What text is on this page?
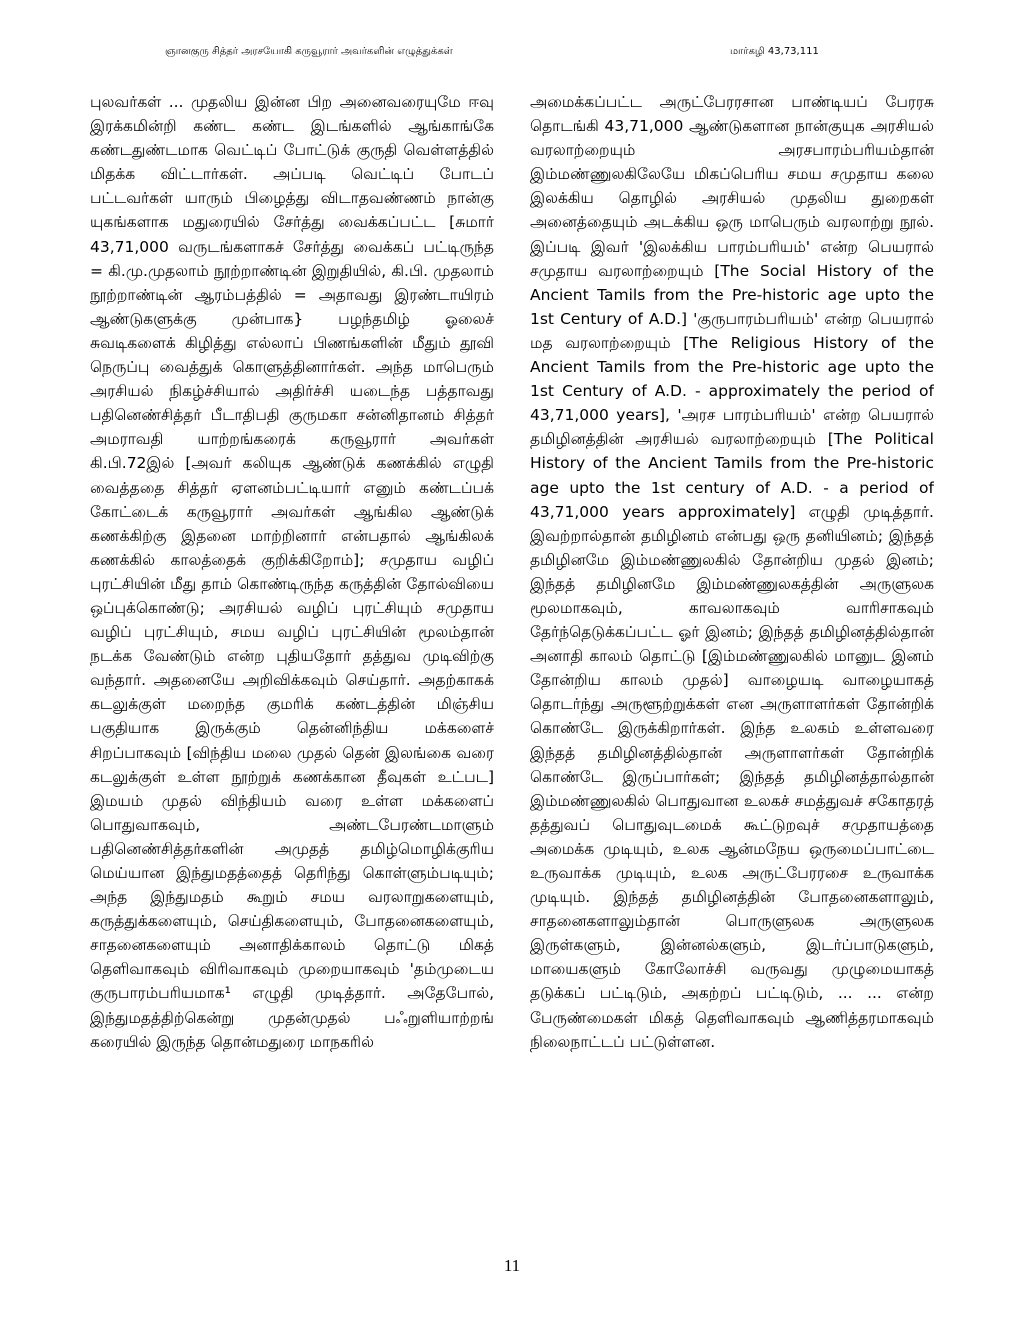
ஞானகுரு சித்தர் அரசயோகி கருவூரார் அவர்களின் எழுத்துக்கள்	மார்கழி 43,73,111

புலவர்கள் ... முதலிய இன்ன பிற அனைவரையுமே ஈவு இரக்கமின்றி கண்ட கண்ட இடங்களில் ஆங்காங்கே கண்டதுண்டமாக வெட்டிப் போட்டுக் குருதி வெள்ளத்தில் மிதக்க விட்டார்கள். அப்படி வெட்டிப் போடப் பட்டவர்கள் யாரும் பிழைத்து விடாதவண்ணம் நான்கு யுகங்களாக மதுரையில் சேர்த்து வைக்கப்பட்ட [சுமார் 43,71,000 வருடங்களாகச் சேர்த்து வைக்கப் பட்டிருந்த = கி.மு.முதலாம் நூற்றாண்டின் இறுதியில், கி.பி. முதலாம் நூற்றாண்டின் ஆரம்பத்தில் = அதாவது இரண்டாயிரம் ஆண்டுகளுக்கு முன்பாக} பழந்தமிழ் ஓலைச் சுவடிகளைக் கிழித்து எல்லாப் பிணங்களின் மீதும் தூவி நெருப்பு வைத்துக் கொளுத்தினார்கள். அந்த மாபெரும் அரசியல் நிகழ்ச்சியால் அதிர்ச்சி யடைந்த பத்தாவது பதினெண்சித்தர் பீடாதிபதி குருமகா சன்னிதானம் சித்தர் அமராவதி யாற்றங்கரைக் கருவூரார் அவர்கள் கி.பி.72இல் [அவர் கலியுக ஆண்டுக் கணக்கில் எழுதி வைத்ததை சித்தர் ஏளனம்பட்டியார் எனும் கண்டப்பக் கோட்டைக் கருவூரார் அவர்கள் ஆங்கில ஆண்டுக் கணக்கிற்கு இதனை மாற்றினார் என்பதால் ஆங்கிலக் கணக்கில் காலத்தைக் குறிக்கிறோம்]; சமுதாய வழிப் புரட்சியின் மீது தாம் கொண்டிருந்த கருத்தின் தோல்வியை ஒப்புக்கொண்டு; அரசியல் வழிப் புரட்சியும் சமுதாய வழிப் புரட்சியும், சமய வழிப் புரட்சியின் மூலம்தான் நடக்க வேண்டும் என்ற புதியதோர் தத்துவ முடிவிற்கு வந்தார். அதனையே அறிவிக்கவும் செய்தார். அதற்காகக் கடலுக்குள் மறைந்த குமரிக் கண்டத்தின் மிஞ்சிய பகுதியாக இருக்கும் தென்னிந்திய மக்களைச் சிறப்பாகவும் [விந்திய மலை முதல் தென் இலங்கை வரை கடலுக்குள் உள்ள நூற்றுக் கணக்கான தீவுகள் உட்பட] இமயம் முதல் விந்தியம் வரை உள்ள மக்களைப் பொதுவாகவும், அண்டபேரண்டமாளும் பதினெண்சித்தர்களின் அமுதத் தமிழ்மொழிக்குரிய மெய்யான இந்துமதத்தைத் தெரிந்து கொள்ளும்படியும்; அந்த இந்துமதம் கூறும் சமய வரலாறுகளையும், கருத்துக்களையும், செய்திகளையும், போதனைகளையும், சாதனைகளையும் அனாதிக்காலம் தொட்டு மிகத் தெளிவாகவும் விரிவாகவும் முறையாகவும் 'தம்முடைய குருபாரம்பரியமாக¹ எழுதி முடித்தார். அதேபோல், இந்துமதத்திற்கென்று முதன்முதல் பஃறுளியாற்றங் கரையில் இருந்த தொன்மதுரை மாநகரில்

அமைக்கப்பட்ட அருட்பேரரசான பாண்டியப் பேரரசு தொடங்கி 43,71,000 ஆண்டுகளான நான்குயுக அரசியல் வரலாற்றையும் அரசபாரம்பரியம்தான் இம்மண்ணுலகிலேயே மிகப்பெரிய சமய சமுதாய கலை இலக்கிய தொழில் அரசியல் முதலிய துறைகள் அனைத்தையும் அடக்கிய ஒரு மாபெரும் வரலாற்று நூல். இப்படி இவர் 'இலக்கிய பாரம்பரியம்' என்ற பெயரால் சமுதாய வரலாற்றையும் [The Social History of the Ancient Tamils from the Pre-historic age upto the 1st Century of A.D.] 'குருபாரம்பரியம்' என்ற பெயரால் மத வரலாற்றையும் [The Religious History of the Ancient Tamils from the Pre-historic age upto the 1st Century of A.D. - approximately the period of 43,71,000 years], 'அரச பாரம்பரியம்' என்ற பெயரால் தமிழினத்தின் அரசியல் வரலாற்றையும் [The Political History of the Ancient Tamils from the Pre-historic age upto the 1st century of A.D. - a period of 43,71,000 years approximately] எழுதி முடித்தார். இவற்றால்தான் தமிழினம் என்பது ஒரு தனியினம்; இந்தத் தமிழினமே இம்மண்ணுலகில் தோன்றிய முதல் இனம்; இந்தத் தமிழினமே இம்மண்ணுலகத்தின் அருளுலக மூலமாகவும், காவலாகவும் வாரிசாகவும் தேர்ந்தெடுக்கப்பட்ட ஓர் இனம்; இந்தத் தமிழினத்தில்தான் அனாதி காலம் தொட்டு [இம்மண்ணுலகில் மானுட இனம் தோன்றிய காலம் முதல்] வாழையடி வாழையாகத் தொடர்ந்து அருளூற்றுக்கள் என அருளாளர்கள் தோன்றிக் கொண்டே இருக்கிறார்கள். இந்த உலகம் உள்ளவரை இந்தத் தமிழினத்தில்தான் அருளாளர்கள் தோன்றிக் கொண்டே இருப்பார்கள்; இந்தத் தமிழினத்தால்தான் இம்மண்ணுலகில் பொதுவான உலகச் சமத்துவச் சகோதரத் தத்துவப் பொதுவுடமைக் கூட்டுறவுச் சமுதாயத்தை அமைக்க முடியும், உலக ஆன்மநேய ஒருமைப்பாட்டை உருவாக்க முடியும், உலக அருட்பேரரசை உருவாக்க முடியும். இந்தத் தமிழினத்தின் போதனைகளாலும், சாதனைகளாலும்தான் பொருளுலக அருளுலக இருள்களும், இன்னல்களும், இடர்ப்பாடுகளும், மாயைகளும் கோலோச்சி வருவது முழுமையாகத் தடுக்கப் பட்டிடும், அகற்றப் பட்டிடும், ... ... என்ற பேருண்மைகள் மிகத் தெளிவாகவும் ஆணித்தரமாகவும் நிலைநாட்டப் பட்டுள்ளன.

11
